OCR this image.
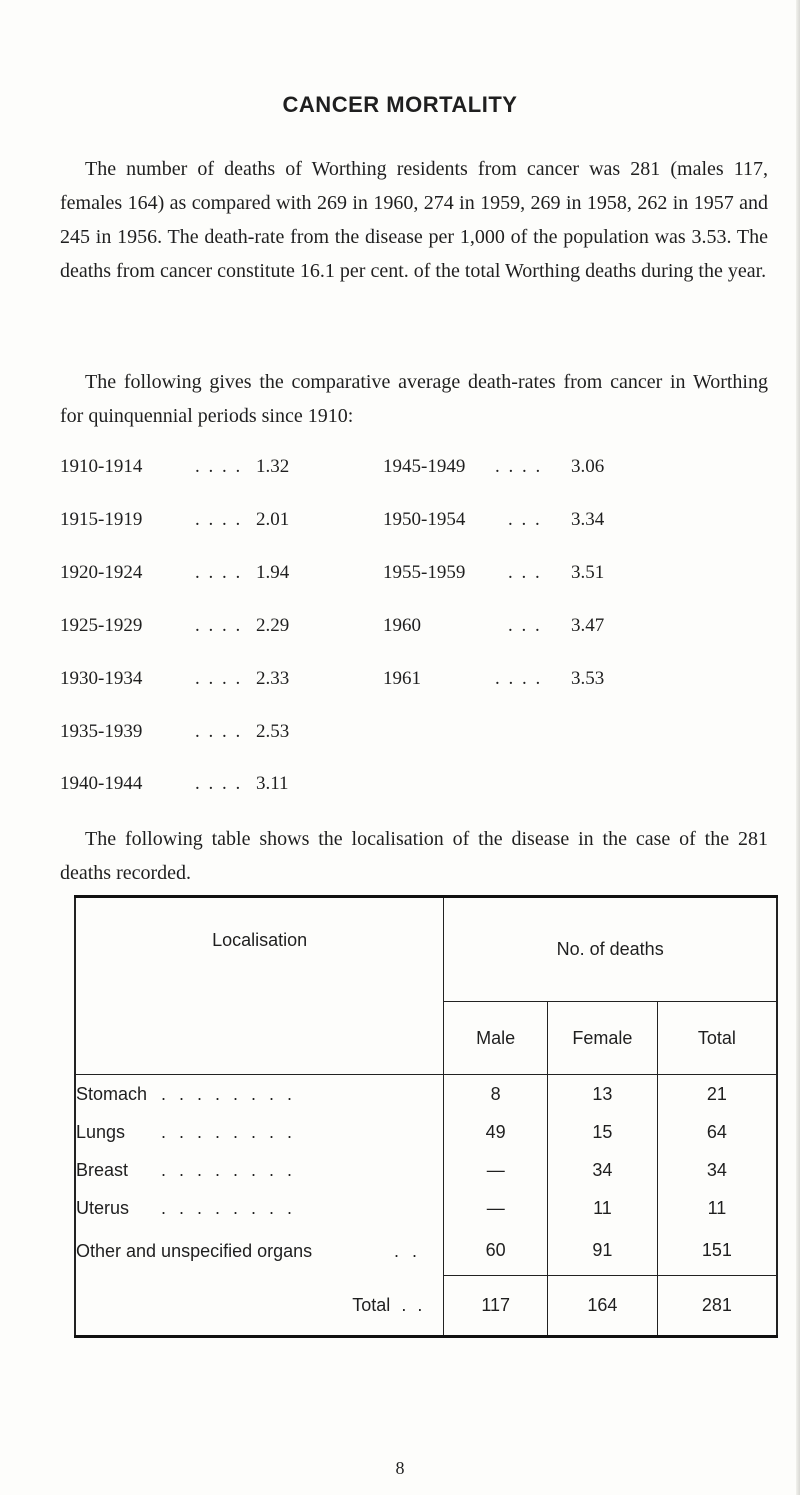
CANCER MORTALITY

The number of deaths of Worthing residents from cancer was 281 (males 117, females 164) as compared with 269 in 1960, 274 in 1959, 269 in 1958, 262 in 1957 and 245 in 1956. The death-rate from the disease per 1,000 of the population was 3.53. The deaths from cancer constitute 16.1 per cent. of the total Worthing deaths during the year.

The following gives the comparative average death-rates from cancer in Worthing for quinquennial periods since 1910:

1910-1914	. . . . 1.32
1915-1919	. . . . 2.01
1920-1924	. . . . 1.94
1925-1929	. . . . 2.29
1930-1934	. . . . 2.33
1935-1939	. . . . 2.53
1940-1944	. . . . 3.11
1945-1949 . . . . 3.06
1950-1954 . . . 3.34
1955-1959 . . . 3.51
1960	. . . 3.47
1961	. . . . 3.53

The following table shows the localisation of the disease in the case of the 281 deaths recorded.

Localisation	No. of deaths		
	Male	Female	Total
Stomach . . . . . . . .	8	13	21
Lungs . . . . . . . .	49	15	64
Breast . . . . . . . .	—	34	34
Uterus . . . . . . . .	—	11	11
Other and unspecified organs . .	60	91	151
Total . .	117	164	281
8
